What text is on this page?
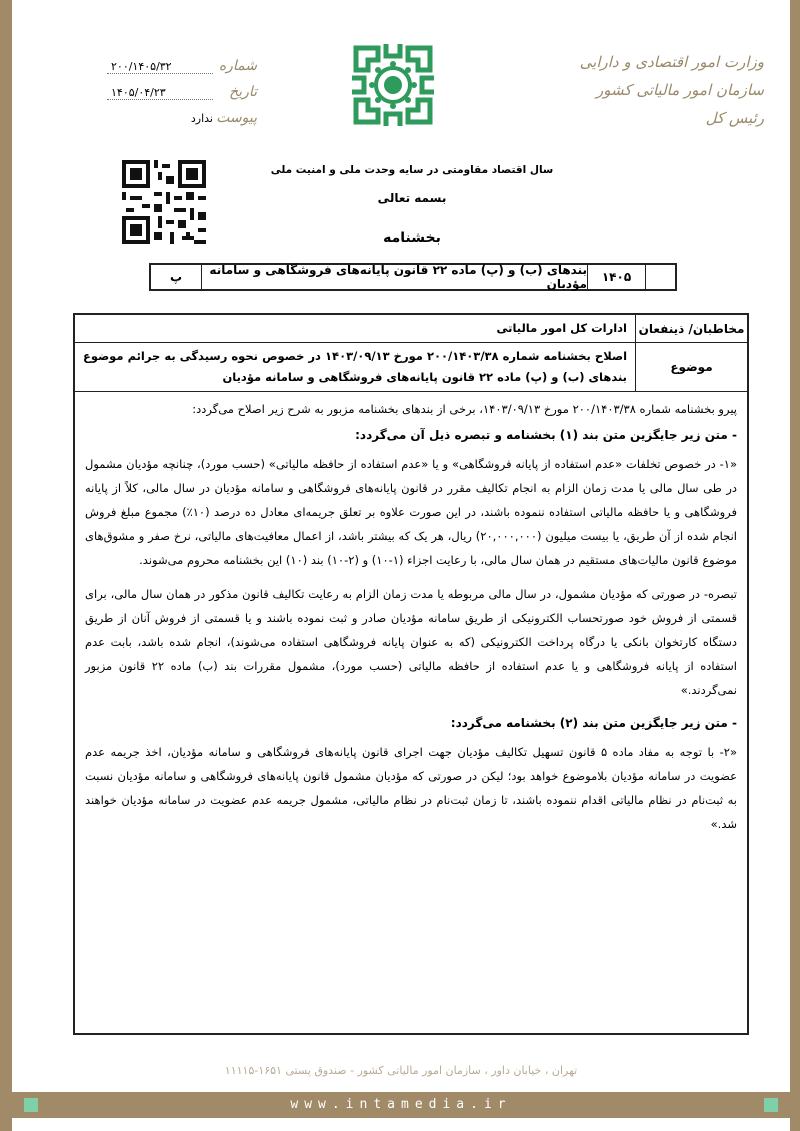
وزارت امور اقتصادی و دارایی
سازمان امور مالیاتی کشور
رئیس کل
شماره
۲۰۰/۱۴۰۵/۳۲
تاریخ
۱۴۰۵/۰۴/۲۳
پیوست
ندارد
سال اقتصاد مقاومتی در سایه وحدت ملی و امنیت ملی
بسمه تعالی
بخشنامه
۱۴۰۵
بندهای (ب) و (پ) ماده ۲۲ قانون پایانه‌های فروشگاهی و سامانه مؤدیان
پ
مخاطبان/ ذینفعان
ادارات کل امور مالیاتی
موضوع
اصلاح بخشنامه شماره ۲۰۰/۱۴۰۳/۳۸ مورخ ۱۴۰۳/۰۹/۱۳ در خصوص نحوه رسیدگی به جرائم موضوع بندهای (ب) و (پ) ماده ۲۲ قانون پایانه‌های فروشگاهی و سامانه مؤدیان

پیرو بخشنامه شماره ۲۰۰/۱۴۰۳/۳۸ مورخ ۱۴۰۳/۰۹/۱۳، برخی از بندهای بخشنامه مزبور به شرح زیر اصلاح می‌گردد:

- متن زیر جایگزین متن بند (۱) بخشنامه و تبصره ذیل آن می‌گردد:

«۱- در خصوص تخلفات «عدم استفاده از پایانه فروشگاهی» و یا «عدم استفاده از حافظه مالیاتی» (حسب مورد)، چنانچه مؤدیان مشمول در طی سال مالی یا مدت زمان الزام به انجام تکالیف مقرر در قانون پایانه‌های فروشگاهی و سامانه مؤدیان در سال مالی، کلاً از پایانه فروشگاهی و یا حافظه مالیاتی استفاده ننموده باشند، در این صورت علاوه بر تعلق جریمه‌ای معادل ده درصد (۱۰٪) مجموع مبلغ فروش انجام شده از آن طریق، یا بیست میلیون (۲۰,۰۰۰,۰۰۰) ریال، هر یک که بیشتر باشد، از اعمال معافیت‌های مالیاتی، نرخ صفر و مشوق‌های موضوع قانون مالیات‌های مستقیم در همان سال مالی، با رعایت اجزاء (۱-۱۰) و (۲-۱۰) بند (۱۰) این بخشنامه محروم می‌شوند.

تبصره- در صورتی که مؤدیان مشمول، در سال مالی مربوطه یا مدت زمان الزام به رعایت تکالیف قانون مذکور در همان سال مالی، برای قسمتی از فروش خود صورتحساب الکترونیکی از طریق سامانه مؤدیان صادر و ثبت نموده باشند و یا قسمتی از فروش آنان از طریق دستگاه کارتخوان بانکی یا درگاه پرداخت الکترونیکی (که به عنوان پایانه فروشگاهی استفاده می‌شوند)، انجام شده باشد، بابت عدم استفاده از پایانه فروشگاهی و یا عدم استفاده از حافظه مالیاتی (حسب مورد)، مشمول مقررات بند (ب) ماده ۲۲ قانون مزبور نمی‌گردند.»

- متن زیر جایگزین متن بند (۲) بخشنامه می‌گردد:

«۲- با توجه به مفاد ماده ۵ قانون تسهیل تکالیف مؤدیان جهت اجرای قانون پایانه‌های فروشگاهی و سامانه مؤدیان، اخذ جریمه عدم عضویت در سامانه مؤدیان بلاموضوع خواهد بود؛ لیکن در صورتی که مؤدیان مشمول قانون پایانه‌های فروشگاهی و سامانه مؤدیان نسبت به ثبت‌نام در نظام مالیاتی اقدام ننموده باشند، تا زمان ثبت‌نام در نظام مالیاتی، مشمول جریمه عدم عضویت در سامانه مؤدیان خواهند شد.»

تهران ، خیابان داور ، سازمان امور مالیاتی کشور - صندوق پستی ۱۶۵۱-۱۱۱۱۵
www.intamedia.ir
